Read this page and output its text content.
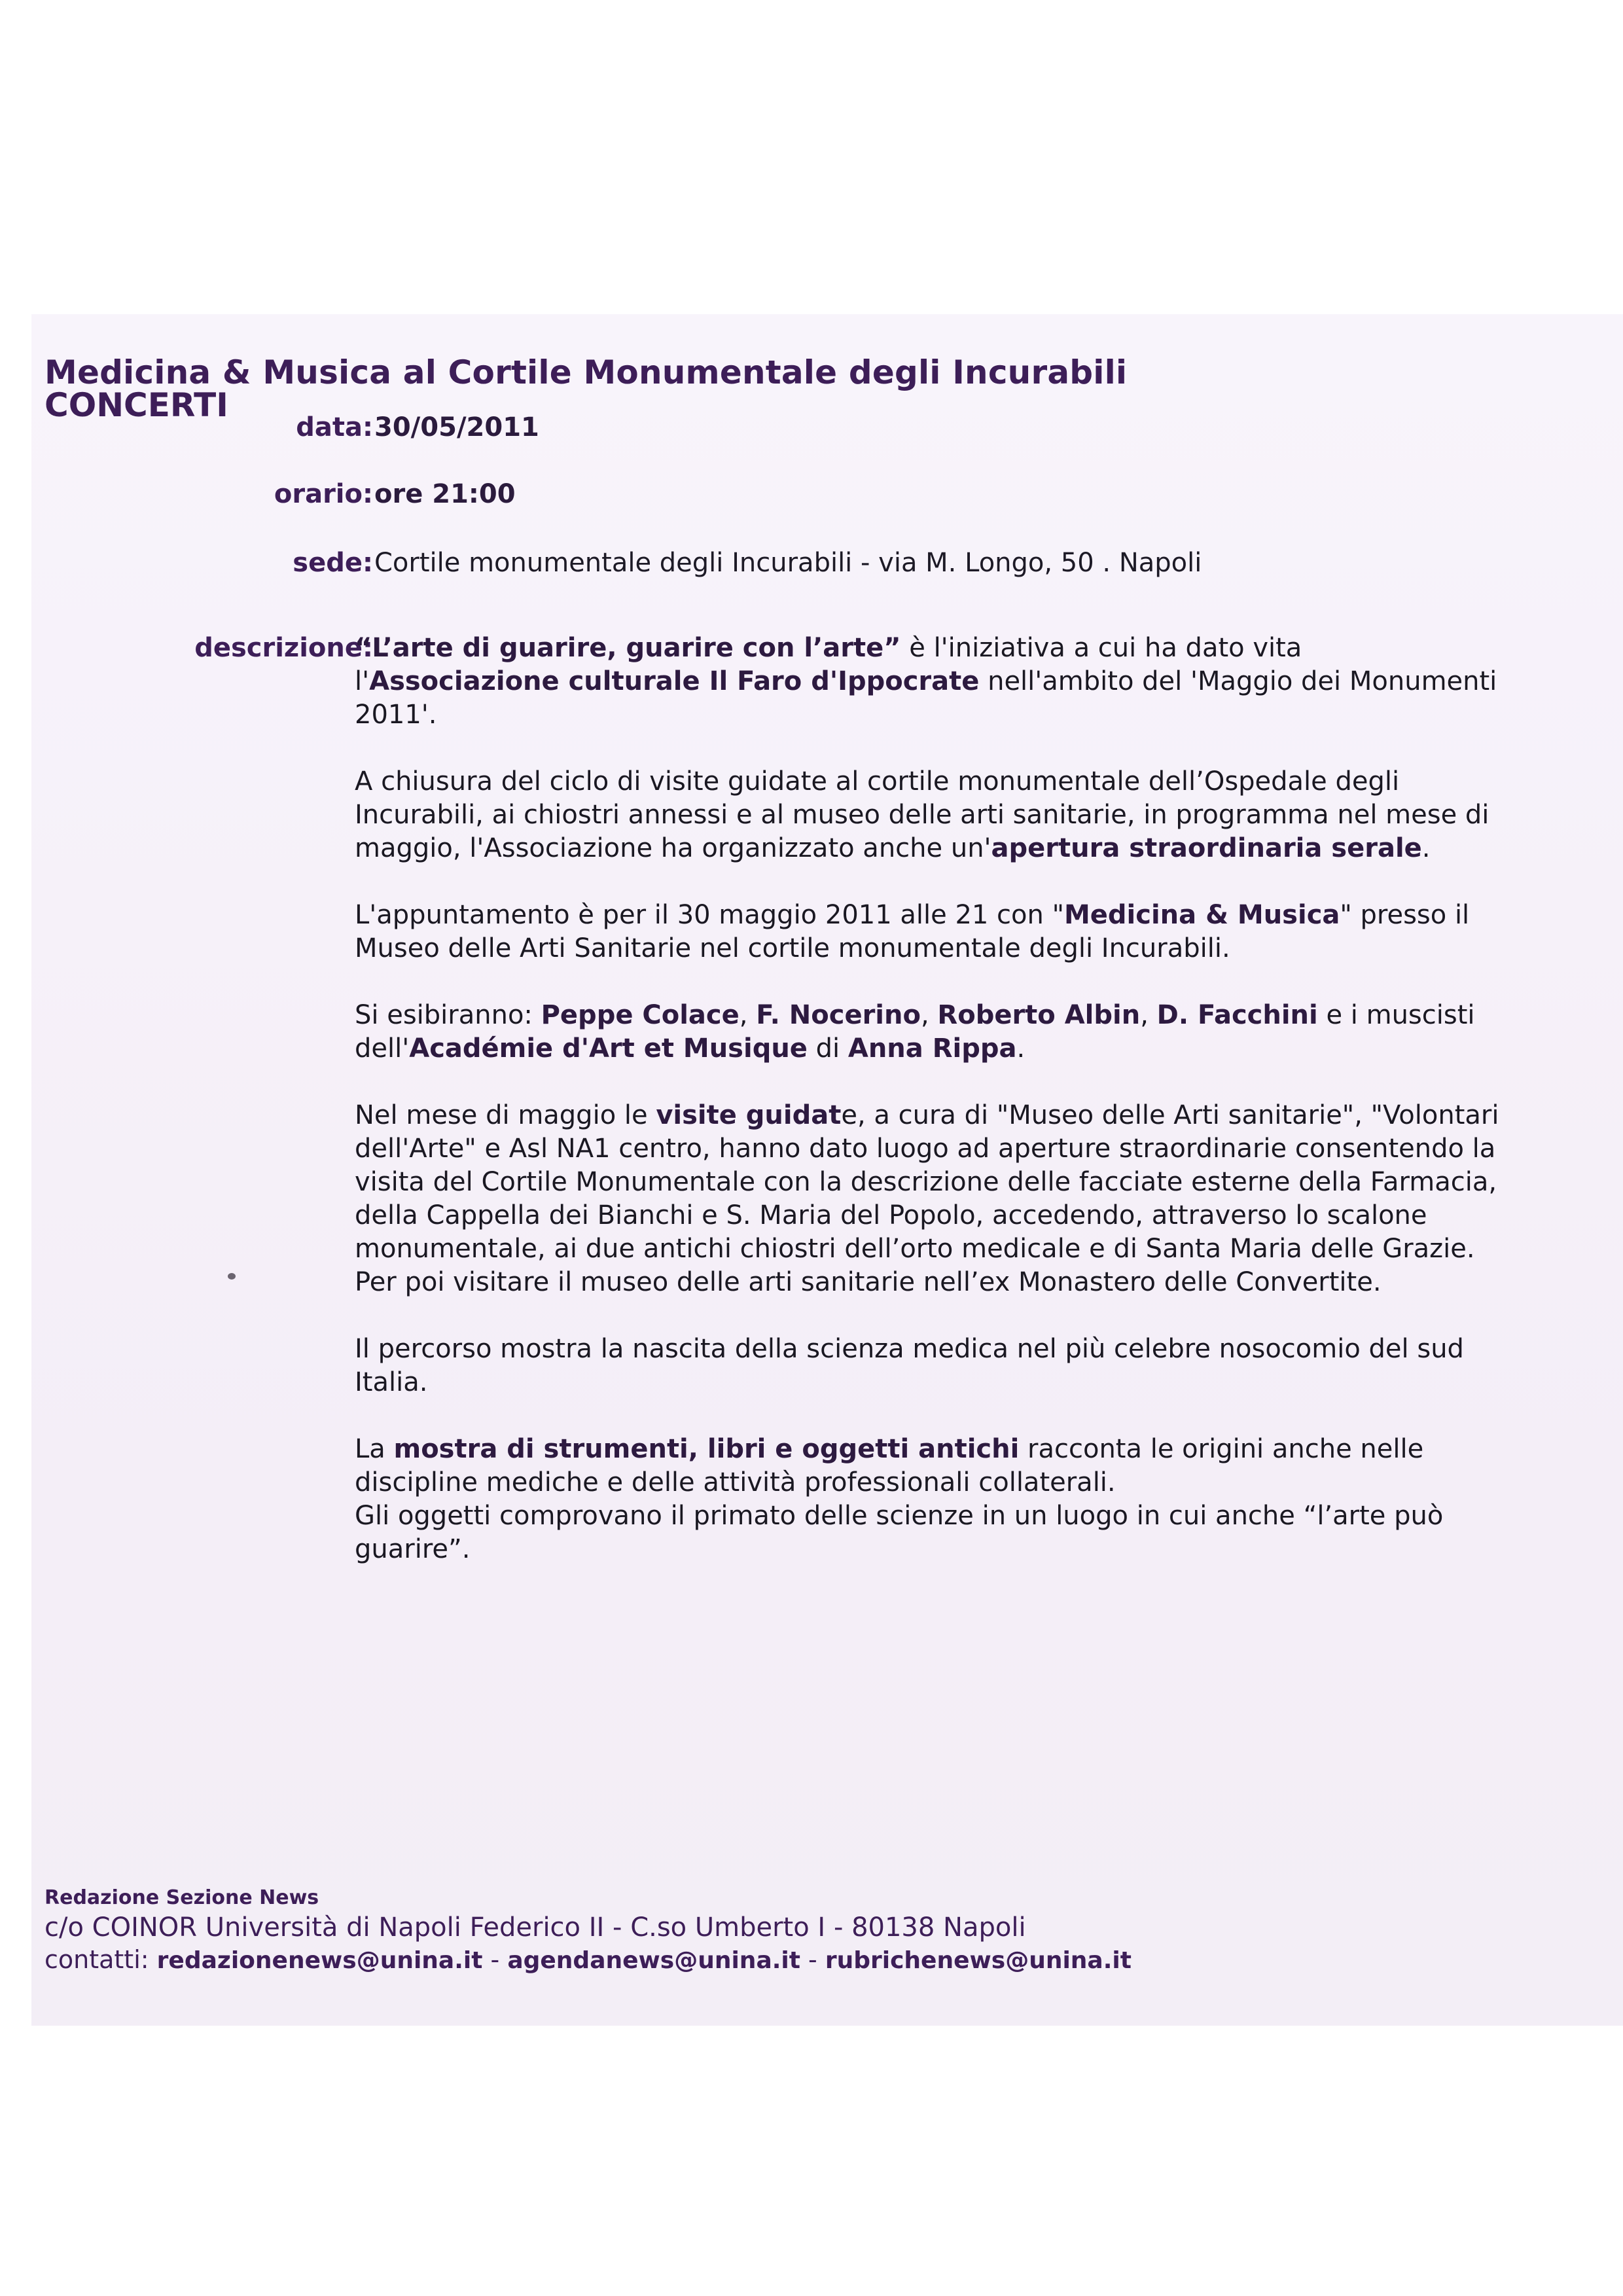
Medicina & Musica al Cortile Monumentale degli Incurabili
CONCERTI
data: 30/05/2011
orario: ore 21:00
sede: Cortile monumentale degli Incurabili - via M. Longo, 50 . Napoli
descrizione:

“L’arte di guarire, guarire con l’arte” è l'iniziativa a cui ha dato vita l'Associazione culturale Il Faro d'Ippocrate nell'ambito del 'Maggio dei Monumenti 2011'.

A chiusura del ciclo di visite guidate al cortile monumentale dell’Ospedale degli Incurabili, ai chiostri annessi e al museo delle arti sanitarie, in programma nel mese di maggio, l'Associazione ha organizzato anche un'apertura straordinaria serale.

L'appuntamento è per il 30 maggio 2011 alle 21 con "Medicina & Musica" presso il Museo delle Arti Sanitarie nel cortile monumentale degli Incurabili.

Si esibiranno: Peppe Colace, F. Nocerino, Roberto Albin, D. Facchini e i muscisti dell'Académie d'Art et Musique di Anna Rippa.

Nel mese di maggio le visite guidate, a cura di "Museo delle Arti sanitarie", "Volontari dell'Arte" e Asl NA1 centro, hanno dato luogo ad aperture straordinarie consentendo la visita del Cortile Monumentale con la descrizione delle facciate esterne della Farmacia, della Cappella dei Bianchi e S. Maria del Popolo, accedendo, attraverso lo scalone monumentale, ai due antichi chiostri dell’orto medicale e di Santa Maria delle Grazie. Per poi visitare il museo delle arti sanitarie nell’ex Monastero delle Convertite.

Il percorso mostra la nascita della scienza medica nel più celebre nosocomio del sud Italia.

La mostra di strumenti, libri e oggetti antichi racconta le origini anche nelle discipline mediche e delle attività professionali collaterali.
Gli oggetti comprovano il primato delle scienze in un luogo in cui anche “l’arte può guarire”.

Redazione Sezione News
c/o COINOR Università di Napoli Federico II - C.so Umberto I - 80138 Napoli
contatti: redazionenews@unina.it - agendanews@unina.it - rubrichenews@unina.it
